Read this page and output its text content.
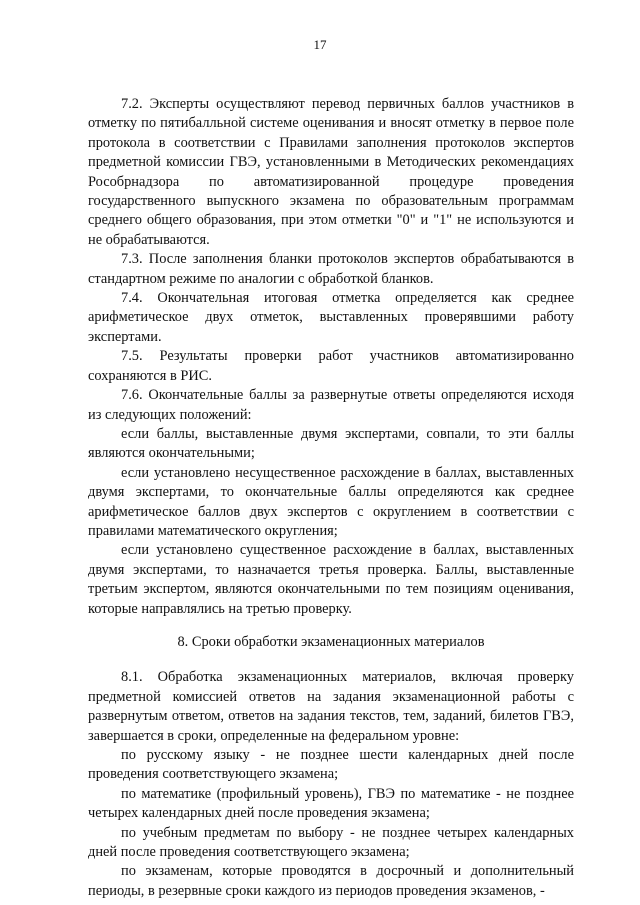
17

7.2. Эксперты осуществляют перевод первичных баллов участников в отметку по пятибалльной системе оценивания и вносят отметку в первое поле протокола в соответствии с Правилами заполнения протоколов экспертов предметной комиссии ГВЭ, установленными в Методических рекомендациях Рособрнадзора по автоматизированной процедуре проведения государственного выпускного экзамена по образовательным программам среднего общего образования, при этом отметки "0" и "1" не используются и не обрабатываются.

7.3. После заполнения бланки протоколов экспертов обрабатываются в стандартном режиме по аналогии с обработкой бланков.

7.4. Окончательная итоговая отметка определяется как среднее арифметическое двух отметок, выставленных проверявшими работу экспертами.

7.5. Результаты проверки работ участников автоматизированно сохраняются в РИС.

7.6. Окончательные баллы за развернутые ответы определяются исходя из следующих положений:

если баллы, выставленные двумя экспертами, совпали, то эти баллы являются окончательными;

если установлено несущественное расхождение в баллах, выставленных двумя экспертами, то окончательные баллы определяются как среднее арифметическое баллов двух экспертов с округлением в соответствии с правилами математического округления;

если установлено существенное расхождение в баллах, выставленных двумя экспертами, то назначается третья проверка. Баллы, выставленные третьим экспертом, являются окончательными по тем позициям оценивания, которые направлялись на третью проверку.

8. Сроки обработки экзаменационных материалов

8.1. Обработка экзаменационных материалов, включая проверку предметной комиссией ответов на задания экзаменационной работы с развернутым ответом, ответов на задания текстов, тем, заданий, билетов ГВЭ, завершается в сроки, определенные на федеральном уровне:

по русскому языку - не позднее шести календарных дней после проведения соответствующего экзамена;

по математике (профильный уровень), ГВЭ по математике - не позднее четырех календарных дней после проведения экзамена;

по учебным предметам по выбору - не позднее четырех календарных дней после проведения соответствующего экзамена;

по экзаменам, которые проводятся в досрочный и дополнительный периоды, в резервные сроки каждого из периодов проведения экзаменов, -
